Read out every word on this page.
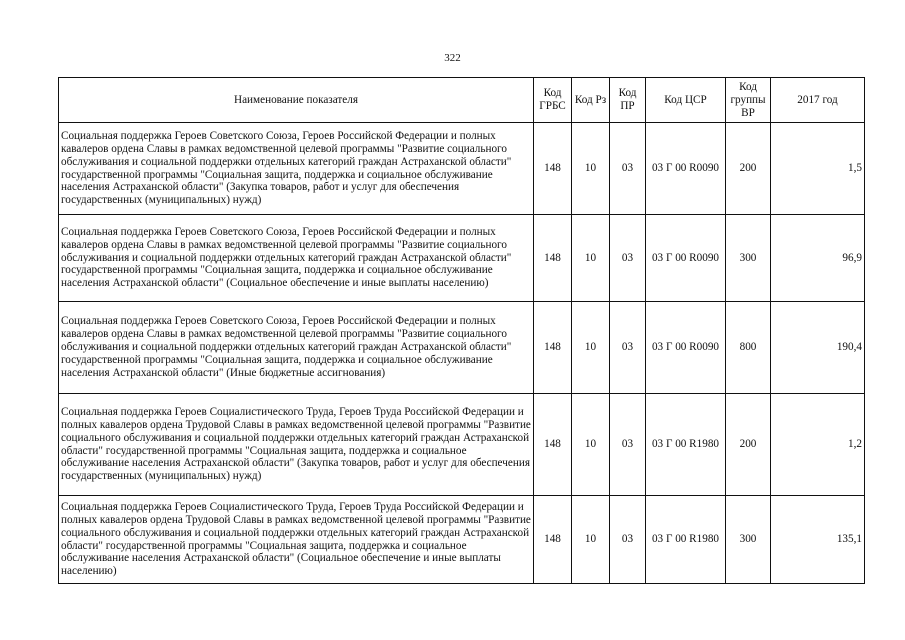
322
Наименование показателя	Код ГРБС	Код Рз	Код ПР	Код ЦСР	Код группы ВР	2017 год
Социальная поддержка Героев Советского Союза, Героев Российской Федерации и полных кавалеров ордена Славы в рамках ведомственной целевой программы "Развитие социального обслуживания и социальной поддержки отдельных категорий граждан Астраханской области" государственной программы "Социальная защита, поддержка и социальное обслуживание населения Астраханской области" (Закупка товаров, работ и услуг для обеспечения государственных (муниципальных) нужд)	148	10	03	03 Г 00 R0090	200	1,5
Социальная поддержка Героев Советского Союза, Героев Российской Федерации и полных кавалеров ордена Славы в рамках ведомственной целевой программы "Развитие социального обслуживания и социальной поддержки отдельных категорий граждан Астраханской области" государственной программы "Социальная защита, поддержка и социальное обслуживание населения Астраханской области" (Социальное обеспечение и иные выплаты населению)	148	10	03	03 Г 00 R0090	300	96,9
Социальная поддержка Героев Советского Союза, Героев Российской Федерации и полных кавалеров ордена Славы в рамках ведомственной целевой программы "Развитие социального обслуживания и социальной поддержки отдельных категорий граждан Астраханской области" государственной программы "Социальная защита, поддержка и социальное обслуживание населения Астраханской области" (Иные бюджетные ассигнования)	148	10	03	03 Г 00 R0090	800	190,4
Социальная поддержка Героев Социалистического Труда, Героев Труда Российской Федерации и полных кавалеров ордена Трудовой Славы в рамках ведомственной целевой программы "Развитие социального обслуживания и социальной поддержки отдельных категорий граждан Астраханской области" государственной программы "Социальная защита, поддержка и социальное обслуживание населения Астраханской области" (Закупка товаров, работ и услуг для обеспечения государственных (муниципальных) нужд)	148	10	03	03 Г 00 R1980	200	1,2
Социальная поддержка Героев Социалистического Труда, Героев Труда Российской Федерации и полных кавалеров ордена Трудовой Славы в рамках ведомственной целевой программы "Развитие социального обслуживания и социальной поддержки отдельных категорий граждан Астраханской области" государственной программы "Социальная защита, поддержка и социальное обслуживание населения Астраханской области" (Социальное обеспечение и иные выплаты населению)	148	10	03	03 Г 00 R1980	300	135,1
